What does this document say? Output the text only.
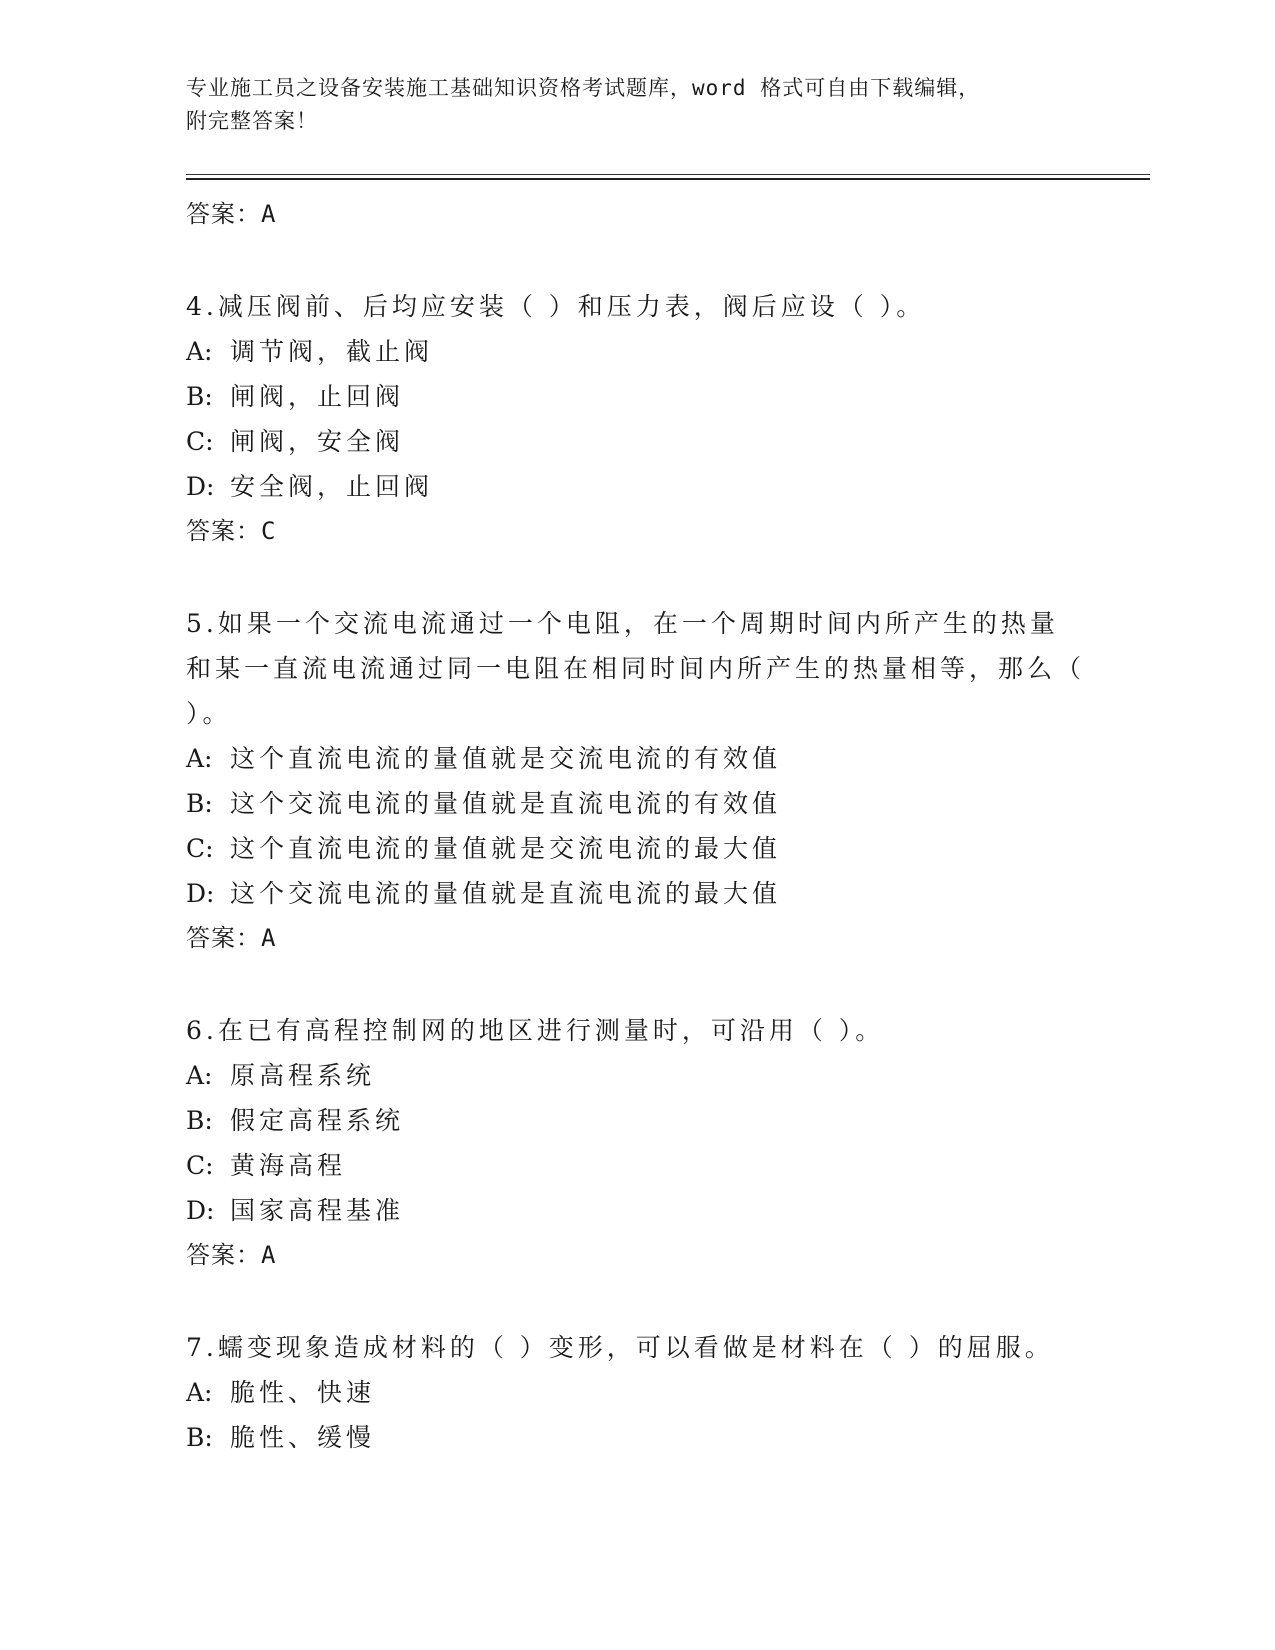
专业施工员之设备安装施工基础知识资格考试题库，word 格式可自由下载编辑，
附完整答案！
答案：A
4.减压阀前、后均应安装（ ）和压力表，阀后应设（ ）。
A: 调节阀，截止阀
B: 闸阀，止回阀
C: 闸阀，安全阀
D: 安全阀，止回阀
答案：C
5.如果一个交流电流通过一个电阻，在一个周期时间内所产生的热量和某一直流电流通过同一电阻在相同时间内所产生的热量相等，那么（ ）。
A: 这个直流电流的量值就是交流电流的有效值
B: 这个交流电流的量值就是直流电流的有效值
C: 这个直流电流的量值就是交流电流的最大值
D: 这个交流电流的量值就是直流电流的最大值
答案：A
6.在已有高程控制网的地区进行测量时，可沿用（ ）。
A: 原高程系统
B: 假定高程系统
C: 黄海高程
D: 国家高程基准
答案：A
7.蠕变现象造成材料的（ ）变形，可以看做是材料在（ ）的屈服。
A: 脆性、快速
B: 脆性、缓慢
